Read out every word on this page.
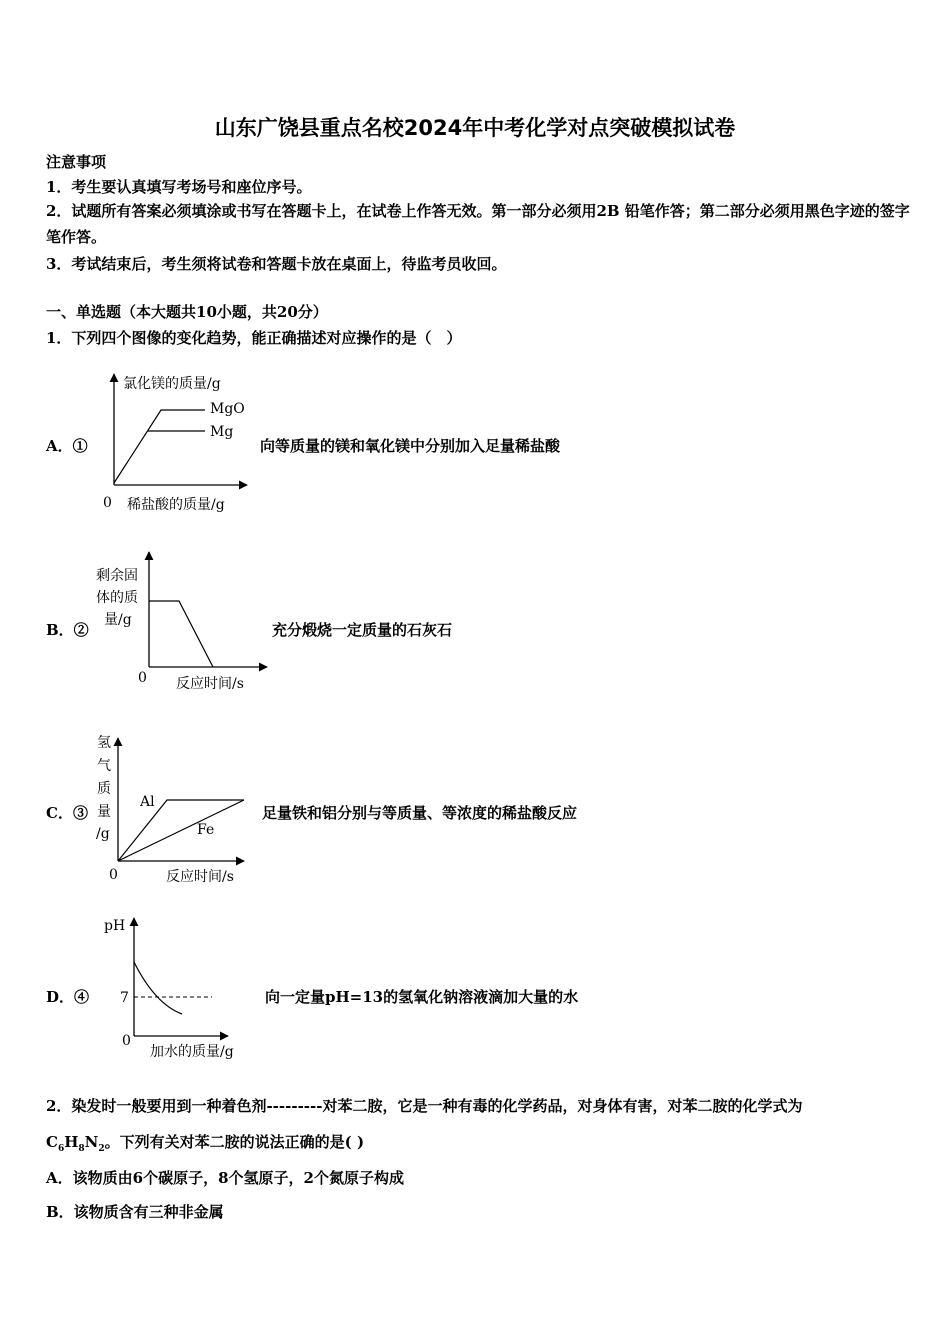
山东广饶县重点名校2024年中考化学对点突破模拟试卷
注意事项
1．考生要认真填写考场号和座位序号。
2．试题所有答案必须填涂或书写在答题卡上，在试卷上作答无效。第一部分必须用2B 铅笔作答；第二部分必须用黑色字迹的签字笔作答。
3．考试结束后，考生须将试卷和答题卡放在桌面上，待监考员收回。
一、单选题（本大题共10小题，共20分）
1．下列四个图像的变化趋势，能正确描述对应操作的是（　）
A．①
氯化镁的质量/g
MgO
Mg
0 稀盐酸的质量/g
向等质量的镁和氧化镁中分别加入足量稀盐酸
B．②
剩余固
体的质
量/g
0 反应时间/s
充分煅烧一定质量的石灰石
C．③
氢
气
质
量
/g
Al
Fe
0	反应时间/s
足量铁和铝分别与等质量、等浓度的稀盐酸反应
D．④
pH
7
0
加水的质量/g
向一定量pH=13的氢氧化钠溶液滴加大量的水
2．染发时一般要用到一种着色剂---------对苯二胺，它是一种有毒的化学药品，对身体有害，对苯二胺的化学式为
$C_6H_8N_2$。下列有关对苯二胺的说法正确的是( )
A．该物质由6个碳原子，8个氢原子，2个氮原子构成
B．该物质含有三种非金属
